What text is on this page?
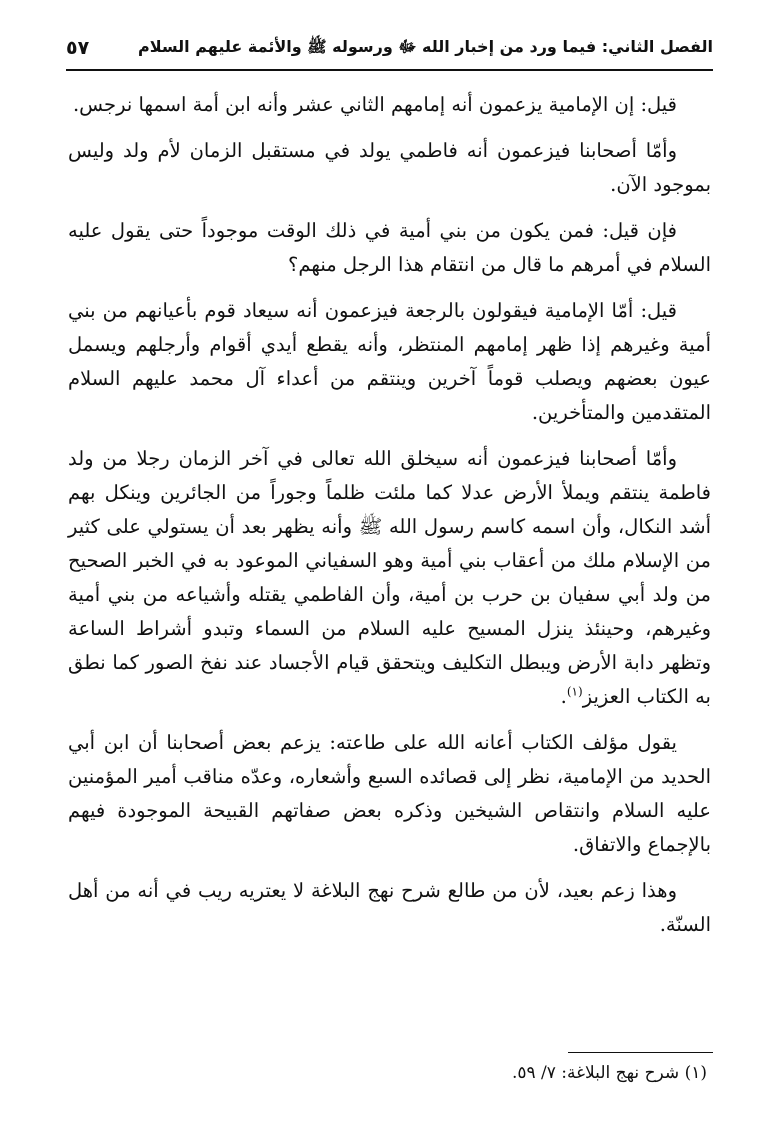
الفصل الثاني: فيما ورد من إخبار الله ﷻ ورسوله ﷺ والأئمة عليهم السلام
٥٧

قيل: إن الإمامية يزعمون أنه إمامهم الثاني عشر وأنه ابن أمة اسمها نرجس.

وأمّا أصحابنا فيزعمون أنه فاطمي يولد في مستقبل الزمان لأم ولد وليس بموجود الآن.

فإن قيل: فمن يكون من بني أمية في ذلك الوقت موجوداً حتى يقول عليه السلام في أمرهم ما قال من انتقام هذا الرجل منهم؟

قيل: أمّا الإمامية فيقولون بالرجعة فيزعمون أنه سيعاد قوم بأعيانهم من بني أمية وغيرهم إذا ظهر إمامهم المنتظر، وأنه يقطع أيدي أقوام وأرجلهم ويسمل عيون بعضهم ويصلب قوماً آخرين وينتقم من أعداء آل محمد عليهم السلام المتقدمين والمتأخرين.

وأمّا أصحابنا فيزعمون أنه سيخلق الله تعالى في آخر الزمان رجلا من ولد فاطمة ينتقم ويملأ الأرض عدلا كما ملئت ظلماً وجوراً من الجائرين وينكل بهم أشد النكال، وأن اسمه كاسم رسول الله ﷺ وأنه يظهر بعد أن يستولي على كثير من الإسلام ملك من أعقاب بني أمية وهو السفياني الموعود به في الخبر الصحيح من ولد أبي سفيان بن حرب بن أمية، وأن الفاطمي يقتله وأشياعه من بني أمية وغيرهم، وحينئذ ينزل المسيح عليه السلام من السماء وتبدو أشراط الساعة وتظهر دابة الأرض ويبطل التكليف ويتحقق قيام الأجساد عند نفخ الصور كما نطق به الكتاب العزيز$^{(١)}$.

يقول مؤلف الكتاب أعانه الله على طاعته: يزعم بعض أصحابنا أن ابن أبي الحديد من الإمامية، نظر إلى قصائده السبع وأشعاره، وعدّه مناقب أمير المؤمنين عليه السلام وانتقاص الشيخين وذكره بعض صفاتهم القبيحة الموجودة فيهم بالإجماع والاتفاق.

وهذا زعم بعيد، لأن من طالع شرح نهج البلاغة لا يعتريه ريب في أنه من أهل السنّة.

(١) شرح نهج البلاغة: ٧/ ٥٩.
